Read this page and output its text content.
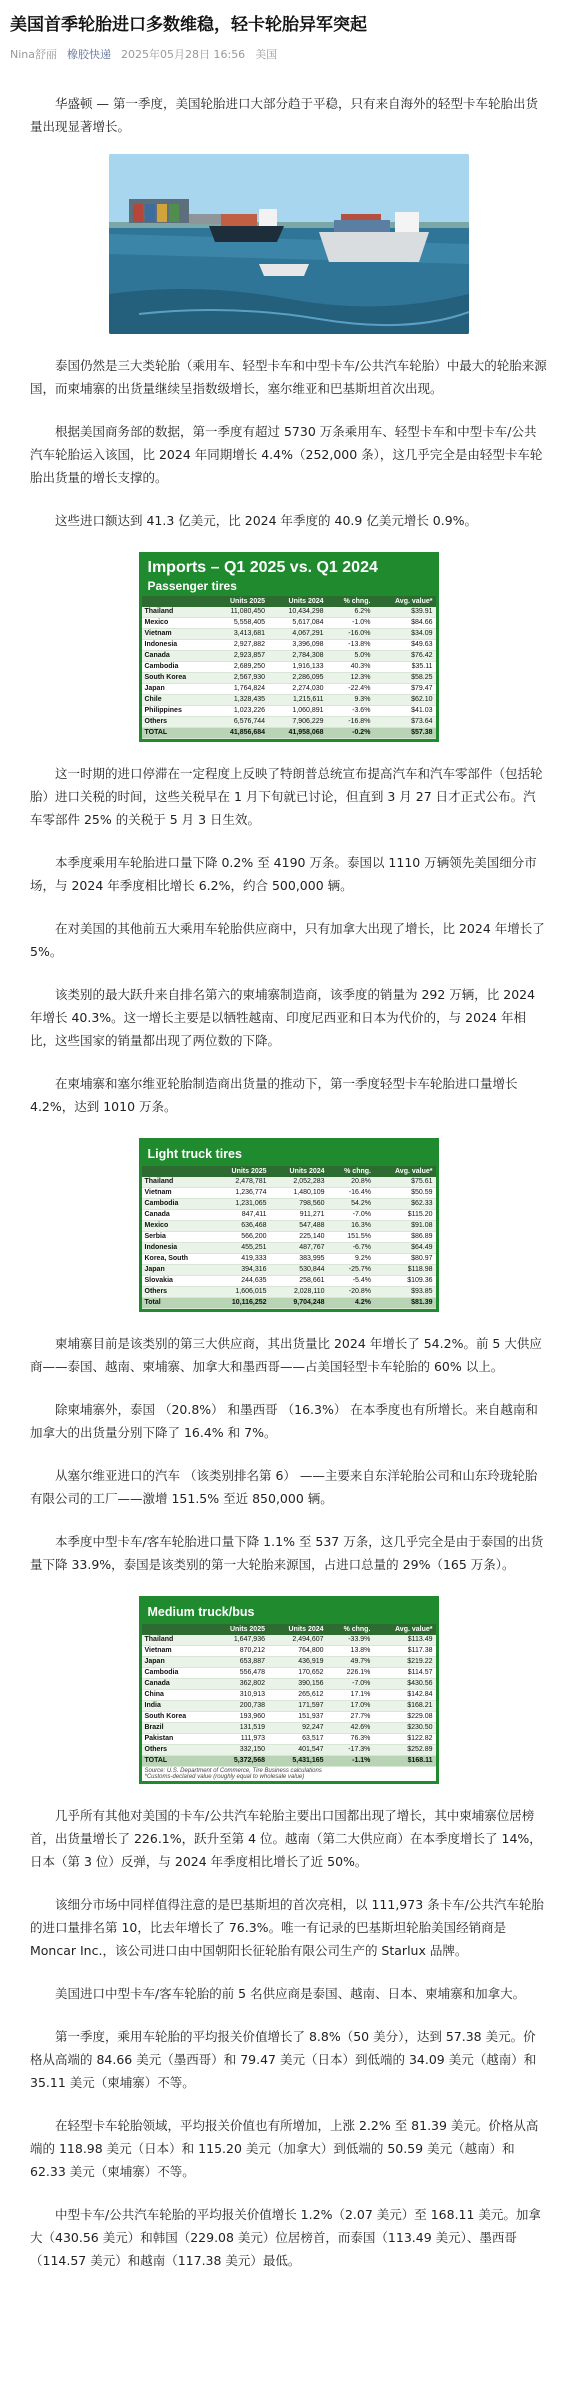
美国首季轮胎进口多数维稳，轻卡轮胎异军突起
Nina舒丽 橡胶快递 2025年05月28日 16:56 美国

华盛顿 — 第一季度，美国轮胎进口大部分趋于平稳，只有来自海外的轻型卡车轮胎出货量出现显著增长。

泰国仍然是三大类轮胎（乘用车、轻型卡车和中型卡车/公共汽车轮胎）中最大的轮胎来源国，而柬埔寨的出货量继续呈指数级增长，塞尔维亚和巴基斯坦首次出现。

根据美国商务部的数据，第一季度有超过 5730 万条乘用车、轻型卡车和中型卡车/公共汽车轮胎运入该国，比 2024 年同期增长 4.4%（252,000 条），这几乎完全是由轻型卡车轮胎出货量的增长支撑的。

这些进口额达到 41.3 亿美元，比 2024 年季度的 40.9 亿美元增长 0.9%。

Imports – Q1 2025 vs. Q1 2024
Passenger tires
	Units 2025	Units 2024	% chng.	Avg. value*
Thailand	11,080,450	10,434,298	6.2%	$39.91
Mexico	5,558,405	5,617,084	-1.0%	$84.66
Vietnam	3,413,681	4,067,291	-16.0%	$34.09
Indonesia	2,927,882	3,396,098	-13.8%	$49.63
Canada	2,923,857	2,784,308	5.0%	$76.42
Cambodia	2,689,250	1,916,133	40.3%	$35.11
South Korea	2,567,930	2,286,095	12.3%	$58.25
Japan	1,764,824	2,274,030	-22.4%	$79.47
Chile	1,328,435	1,215,611	9.3%	$62.10
Philippines	1,023,226	1,060,891	-3.6%	$41.03
Others	6,576,744	7,906,229	-16.8%	$73.64
TOTAL	41,856,684	41,958,068	-0.2%	$57.38

这一时期的进口停滞在一定程度上反映了特朗普总统宣布提高汽车和汽车零部件（包括轮胎）进口关税的时间，这些关税早在 1 月下旬就已讨论，但直到 3 月 27 日才正式公布。汽车零部件 25% 的关税于 5 月 3 日生效。

本季度乘用车轮胎进口量下降 0.2% 至 4190 万条。泰国以 1110 万辆领先美国细分市场，与 2024 年季度相比增长 6.2%，约合 500,000 辆。

在对美国的其他前五大乘用车轮胎供应商中，只有加拿大出现了增长，比 2024 年增长了 5%。

该类别的最大跃升来自排名第六的柬埔寨制造商，该季度的销量为 292 万辆，比 2024 年增长 40.3%。这一增长主要是以牺牲越南、印度尼西亚和日本为代价的，与 2024 年相比，这些国家的销量都出现了两位数的下降。

在柬埔寨和塞尔维亚轮胎制造商出货量的推动下，第一季度轻型卡车轮胎进口量增长 4.2%，达到 1010 万条。

Light truck tires
	Units 2025	Units 2024	% chng.	Avg. value*
Thailand	2,478,781	2,052,283	20.8%	$75.61
Vietnam	1,236,774	1,480,109	-16.4%	$50.59
Cambodia	1,231,065	798,560	54.2%	$62.33
Canada	847,411	911,271	-7.0%	$115.20
Mexico	636,468	547,488	16.3%	$91.08
Serbia	566,200	225,140	151.5%	$86.89
Indonesia	455,251	487,767	-6.7%	$64.49
Korea, South	419,333	383,995	9.2%	$80.97
Japan	394,316	530,844	-25.7%	$118.98
Slovakia	244,635	258,661	-5.4%	$109.36
Others	1,606,015	2,028,110	-20.8%	$93.85
Total	10,116,252	9,704,248	4.2%	$81.39

柬埔寨目前是该类别的第三大供应商，其出货量比 2024 年增长了 54.2%。前 5 大供应商——泰国、越南、柬埔寨、加拿大和墨西哥——占美国轻型卡车轮胎的 60% 以上。

除柬埔寨外，泰国 （20.8%） 和墨西哥 （16.3%） 在本季度也有所增长。来自越南和加拿大的出货量分别下降了 16.4% 和 7%。

从塞尔维亚进口的汽车 （该类别排名第 6） ——主要来自东洋轮胎公司和山东玲珑轮胎有限公司的工厂——激增 151.5% 至近 850,000 辆。

本季度中型卡车/客车轮胎进口量下降 1.1% 至 537 万条，这几乎完全是由于泰国的出货量下降 33.9%，泰国是该类别的第一大轮胎来源国，占进口总量的 29%（165 万条）。

Medium truck/bus
	Units 2025	Units 2024	% chng.	Avg. value*
Thailand	1,647,936	2,494,607	-33.9%	$113.49
Vietnam	870,212	764,800	13.8%	$117.38
Japan	653,887	436,919	49.7%	$219.22
Cambodia	556,478	170,652	226.1%	$114.57
Canada	362,802	390,156	-7.0%	$430.56
China	310,913	265,612	17.1%	$142.84
India	200,738	171,597	17.0%	$168.21
South Korea	193,960	151,937	27.7%	$229.08
Brazil	131,519	92,247	42.6%	$230.50
Pakistan	111,973	63,517	76.3%	$122.82
Others	332,150	401,547	-17.3%	$252.89
TOTAL	5,372,568	5,431,165	-1.1%	$168.11
Source: U.S. Department of Commerce, Tire Business calculations
*Customs-declared value (roughly equal to wholesale value)

几乎所有其他对美国的卡车/公共汽车轮胎主要出口国都出现了增长，其中柬埔寨位居榜首，出货量增长了 226.1%，跃升至第 4 位。越南（第二大供应商）在本季度增长了 14%，日本（第 3 位）反弹，与 2024 年季度相比增长了近 50%。

该细分市场中同样值得注意的是巴基斯坦的首次亮相，以 111,973 条卡车/公共汽车轮胎的进口量排名第 10，比去年增长了 76.3%。唯一有记录的巴基斯坦轮胎美国经销商是 Moncar Inc.，该公司进口由中国朝阳长征轮胎有限公司生产的 Starlux 品牌。

美国进口中型卡车/客车轮胎的前 5 名供应商是泰国、越南、日本、柬埔寨和加拿大。

第一季度，乘用车轮胎的平均报关价值增长了 8.8%（50 美分），达到 57.38 美元。价格从高端的 84.66 美元（墨西哥）和 79.47 美元（日本）到低端的 34.09 美元（越南）和 35.11 美元（柬埔寨）不等。

在轻型卡车轮胎领域，平均报关价值也有所增加，上涨 2.2% 至 81.39 美元。价格从高端的 118.98 美元（日本）和 115.20 美元（加拿大）到低端的 50.59 美元（越南）和 62.33 美元（柬埔寨）不等。

中型卡车/公共汽车轮胎的平均报关价值增长 1.2%（2.07 美元）至 168.11 美元。加拿大（430.56 美元）和韩国（229.08 美元）位居榜首，而泰国（113.49 美元）、墨西哥（114.57 美元）和越南（117.38 美元）最低。
